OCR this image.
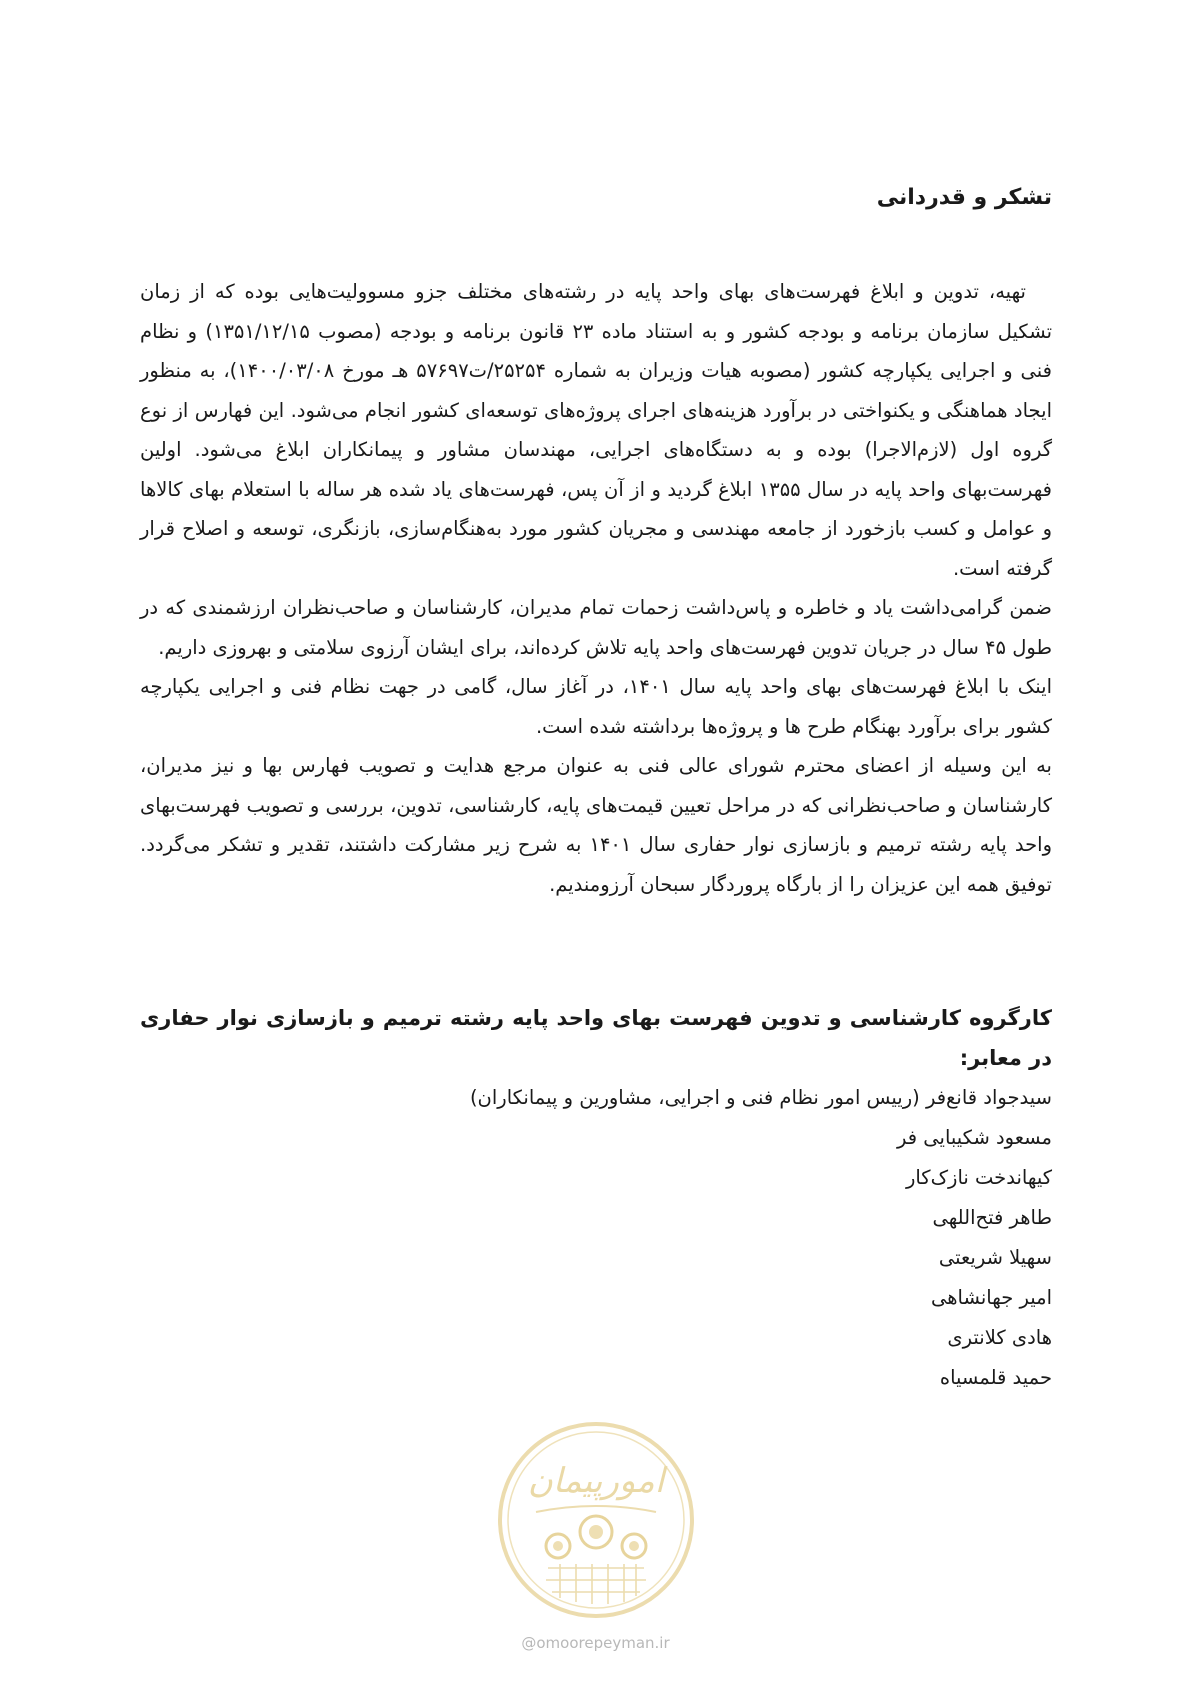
تشکر و قدردانی

تهیه، تدوین و ابلاغ فهرست‌های بهای واحد پایه در رشته‌های مختلف جزو مسوولیت‌هایی بوده که از زمان تشکیل سازمان برنامه و بودجه کشور و به استناد ماده ۲۳ قانون برنامه و بودجه (مصوب ۱۳۵۱/۱۲/۱۵) و نظام فنی و اجرایی یکپارچه کشور (مصوبه هیات وزیران به شماره ۲۵۲۵۴/ت۵۷۶۹۷ هـ مورخ ۱۴۰۰/۰۳/۰۸)، به منظور ایجاد هماهنگی و یکنواختی در برآورد هزینه‌های اجرای پروژه‌های توسعه‌ای کشور انجام می‌شود. این فهارس از نوع گروه اول (لازم‌الاجرا) بوده و به دستگاه‌های اجرایی، مهندسان مشاور و پیمانکاران ابلاغ می‌شود. اولین فهرست‌بهای واحد پایه در سال ۱۳۵۵ ابلاغ گردید و از آن پس، فهرست‌های یاد شده هر ساله با استعلام بهای کالاها و عوامل و کسب بازخورد از جامعه مهندسی و مجریان کشور مورد به‌هنگام‌سازی، بازنگری، توسعه و اصلاح قرار گرفته است.

ضمن گرامی‌داشت یاد و خاطره و پاس‌داشت زحمات تمام مدیران، کارشناسان و صاحب‌نظران ارزشمندی که در طول ۴۵ سال در جریان تدوین فهرست‌های واحد پایه تلاش کرده‌اند، برای ایشان آرزوی سلامتی و بهروزی داریم.

اینک با ابلاغ فهرست‌های بهای واحد پایه سال ۱۴۰۱، در آغاز سال، گامی در جهت نظام فنی و اجرایی یکپارچه کشور برای برآورد بهنگام طرح ها و پروژه‌ها برداشته شده است.

به این وسیله از اعضای محترم شورای عالی فنی به عنوان مرجع هدایت و تصویب فهارس بها و نیز مدیران، کارشناسان و صاحب‌نظرانی که در مراحل تعیین قیمت‌های پایه، کارشناسی، تدوین، بررسی و تصویب فهرست‌بهای واحد پایه رشته ترمیم و بازسازی نوار حفاری سال ۱۴۰۱ به شرح زیر مشارکت داشتند، تقدیر و تشکر می‌گردد. توفیق همه این عزیزان را از بارگاه پروردگار سبحان آرزومندیم.

کارگروه کارشناسی و تدوین فهرست بهای واحد پایه رشته ترمیم و بازسازی نوار حفاری در معابر:
سیدجواد قانع‌فر (رییس امور نظام فنی و اجرایی، مشاورین و پیمانکاران)
مسعود شکیبایی فر
کیهاندخت نازک‌کار
طاهر فتح‌اللهی
سهیلا شریعتی
امیر جهانشاهی
هادی کلانتری
حمید قلمسیاه
امورپیمان
@omoorepeyman.ir
